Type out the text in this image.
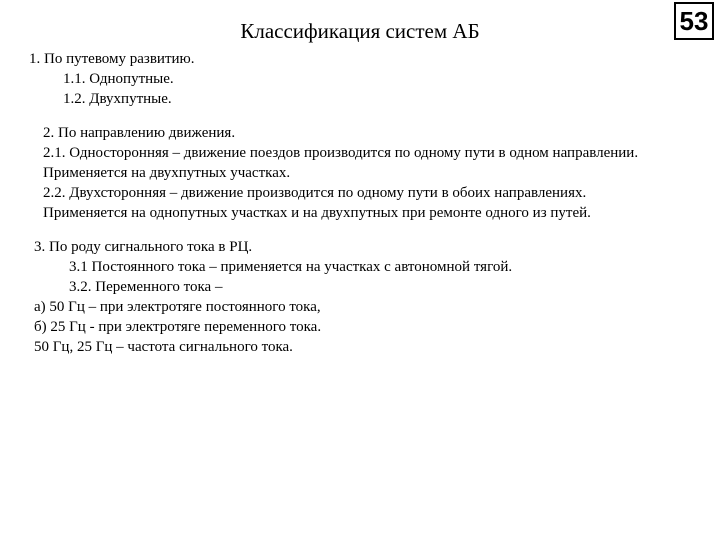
Классификация систем АБ	53
1. По путевому развитию.
1.1. Однопутные.
1.2. Двухпутные.
2. По направлению движения.
2.1. Односторонняя – движение поездов производится по одному пути в одном направлении.
Применяется на двухпутных участках.
2.2. Двухсторонняя – движение производится по одному пути в обоих направлениях.
Применяется на однопутных участках и на двухпутных при ремонте одного из путей.
3. По роду сигнального тока в РЦ.
3.1 Постоянного тока – применяется на участках с автономной тягой.
3.2. Переменного тока –
а) 50 Гц – при электротяге постоянного тока,
б) 25 Гц - при электротяге переменного тока.
50 Гц, 25 Гц – частота сигнального тока.
